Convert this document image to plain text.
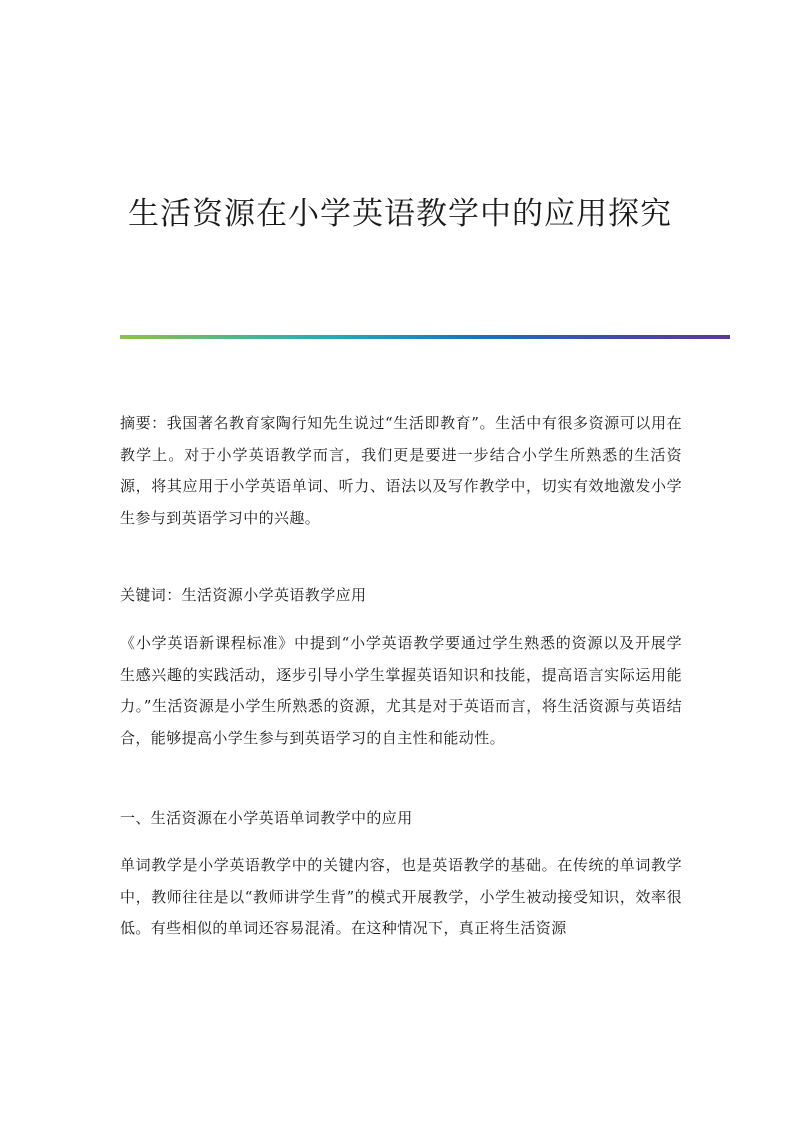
生活资源在小学英语教学中的应用探究

摘要：我国著名教育家陶行知先生说过“生活即教育”。生活中有很多资源可以用在教学上。对于小学英语教学而言，我们更是要进一步结合小学生所熟悉的生活资源，将其应用于小学英语单词、听力、语法以及写作教学中，切实有效地激发小学生参与到英语学习中的兴趣。

关键词：生活资源小学英语教学应用

《小学英语新课程标准》中提到“小学英语教学要通过学生熟悉的资源以及开展学生感兴趣的实践活动，逐步引导小学生掌握英语知识和技能，提高语言实际运用能力。”生活资源是小学生所熟悉的资源，尤其是对于英语而言，将生活资源与英语结合，能够提高小学生参与到英语学习的自主性和能动性。

一、生活资源在小学英语单词教学中的应用

单词教学是小学英语教学中的关键内容，也是英语教学的基础。在传统的单词教学中，教师往往是以“教师讲学生背”的模式开展教学，小学生被动接受知识，效率很低。有些相似的单词还容易混淆。在这种情况下，真正将生活资源
